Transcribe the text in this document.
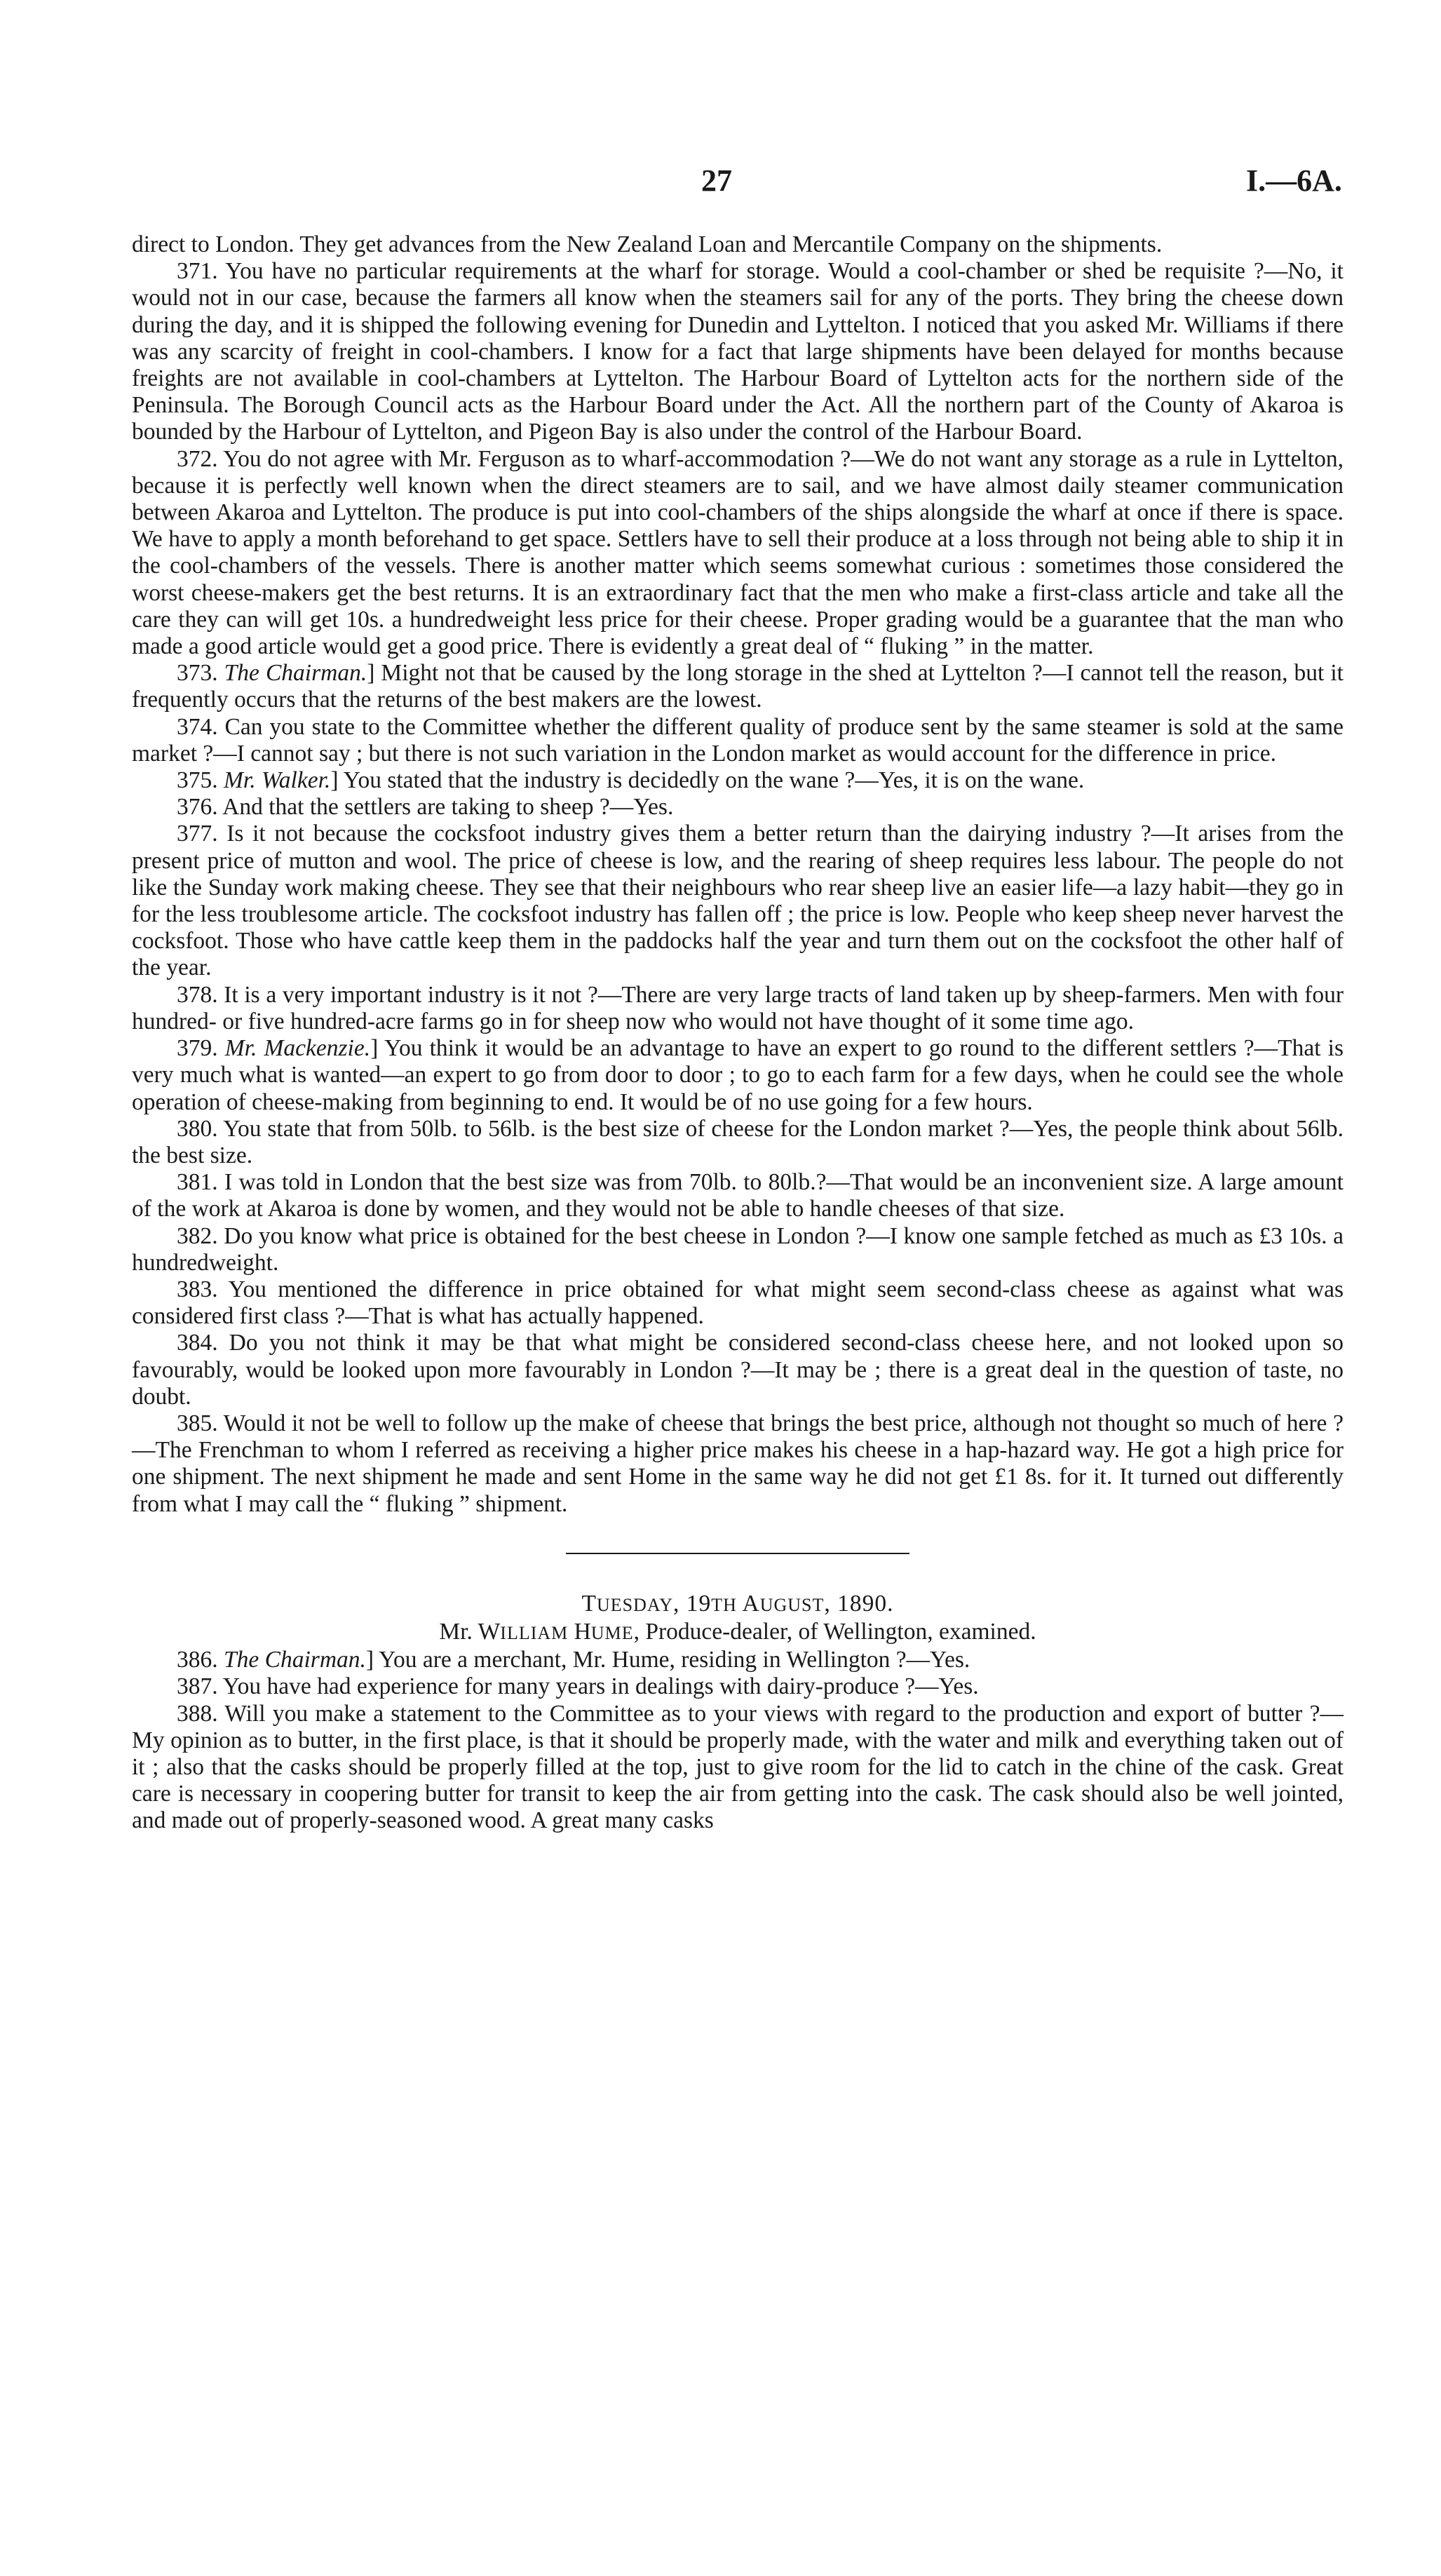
27	I.—6A.

direct to London. They get advances from the New Zealand Loan and Mercantile Company on the shipments.

371. You have no particular requirements at the wharf for storage. Would a cool-chamber or shed be requisite ?—No, it would not in our case, because the farmers all know when the steamers sail for any of the ports. They bring the cheese down during the day, and it is shipped the following evening for Dunedin and Lyttelton. I noticed that you asked Mr. Williams if there was any scarcity of freight in cool-chambers. I know for a fact that large shipments have been delayed for months because freights are not available in cool-chambers at Lyttelton. The Harbour Board of Lyttelton acts for the northern side of the Peninsula. The Borough Council acts as the Harbour Board under the Act. All the northern part of the County of Akaroa is bounded by the Harbour of Lyttelton, and Pigeon Bay is also under the control of the Harbour Board.

372. You do not agree with Mr. Ferguson as to wharf-accommodation ?—We do not want any storage as a rule in Lyttelton, because it is perfectly well known when the direct steamers are to sail, and we have almost daily steamer communication between Akaroa and Lyttelton. The produce is put into cool-chambers of the ships alongside the wharf at once if there is space. We have to apply a month beforehand to get space. Settlers have to sell their produce at a loss through not being able to ship it in the cool-chambers of the vessels. There is another matter which seems somewhat curious : sometimes those considered the worst cheese-makers get the best returns. It is an extraordinary fact that the men who make a first-class article and take all the care they can will get 10s. a hundredweight less price for their cheese. Proper grading would be a guarantee that the man who made a good article would get a good price. There is evidently a great deal of “ fluking ” in the matter.

373. The Chairman.] Might not that be caused by the long storage in the shed at Lyttelton ?—I cannot tell the reason, but it frequently occurs that the returns of the best makers are the lowest.

374. Can you state to the Committee whether the different quality of produce sent by the same steamer is sold at the same market ?—I cannot say ; but there is not such variation in the London market as would account for the difference in price.

375. Mr. Walker.] You stated that the industry is decidedly on the wane ?—Yes, it is on the wane.

376. And that the settlers are taking to sheep ?—Yes.

377. Is it not because the cocksfoot industry gives them a better return than the dairying industry ?—It arises from the present price of mutton and wool. The price of cheese is low, and the rearing of sheep requires less labour. The people do not like the Sunday work making cheese. They see that their neighbours who rear sheep live an easier life—a lazy habit—they go in for the less troublesome article. The cocksfoot industry has fallen off ; the price is low. People who keep sheep never harvest the cocksfoot. Those who have cattle keep them in the paddocks half the year and turn them out on the cocksfoot the other half of the year.

378. It is a very important industry is it not ?—There are very large tracts of land taken up by sheep-farmers. Men with four hundred- or five hundred-acre farms go in for sheep now who would not have thought of it some time ago.

379. Mr. Mackenzie.] You think it would be an advantage to have an expert to go round to the different settlers ?—That is very much what is wanted—an expert to go from door to door ; to go to each farm for a few days, when he could see the whole operation of cheese-making from beginning to end. It would be of no use going for a few hours.

380. You state that from 50lb. to 56lb. is the best size of cheese for the London market ?—Yes, the people think about 56lb. the best size.

381. I was told in London that the best size was from 70lb. to 80lb.?—That would be an inconvenient size. A large amount of the work at Akaroa is done by women, and they would not be able to handle cheeses of that size.

382. Do you know what price is obtained for the best cheese in London ?—I know one sample fetched as much as £3 10s. a hundredweight.

383. You mentioned the difference in price obtained for what might seem second-class cheese as against what was considered first class ?—That is what has actually happened.

384. Do you not think it may be that what might be considered second-class cheese here, and not looked upon so favourably, would be looked upon more favourably in London ?—It may be ; there is a great deal in the question of taste, no doubt.

385. Would it not be well to follow up the make of cheese that brings the best price, although not thought so much of here ?—The Frenchman to whom I referred as receiving a higher price makes his cheese in a hap-hazard way. He got a high price for one shipment. The next shipment he made and sent Home in the same way he did not get £1 8s. for it. It turned out differently from what I may call the “ fluking ” shipment.

TUESDAY, 19TH AUGUST, 1890.

Mr. WILLIAM HUME, Produce-dealer, of Wellington, examined.

386. The Chairman.] You are a merchant, Mr. Hume, residing in Wellington ?—Yes.

387. You have had experience for many years in dealings with dairy-produce ?—Yes.

388. Will you make a statement to the Committee as to your views with regard to the production and export of butter ?—My opinion as to butter, in the first place, is that it should be properly made, with the water and milk and everything taken out of it ; also that the casks should be properly filled at the top, just to give room for the lid to catch in the chine of the cask. Great care is necessary in coopering butter for transit to keep the air from getting into the cask. The cask should also be well jointed, and made out of properly-seasoned wood. A great many casks
